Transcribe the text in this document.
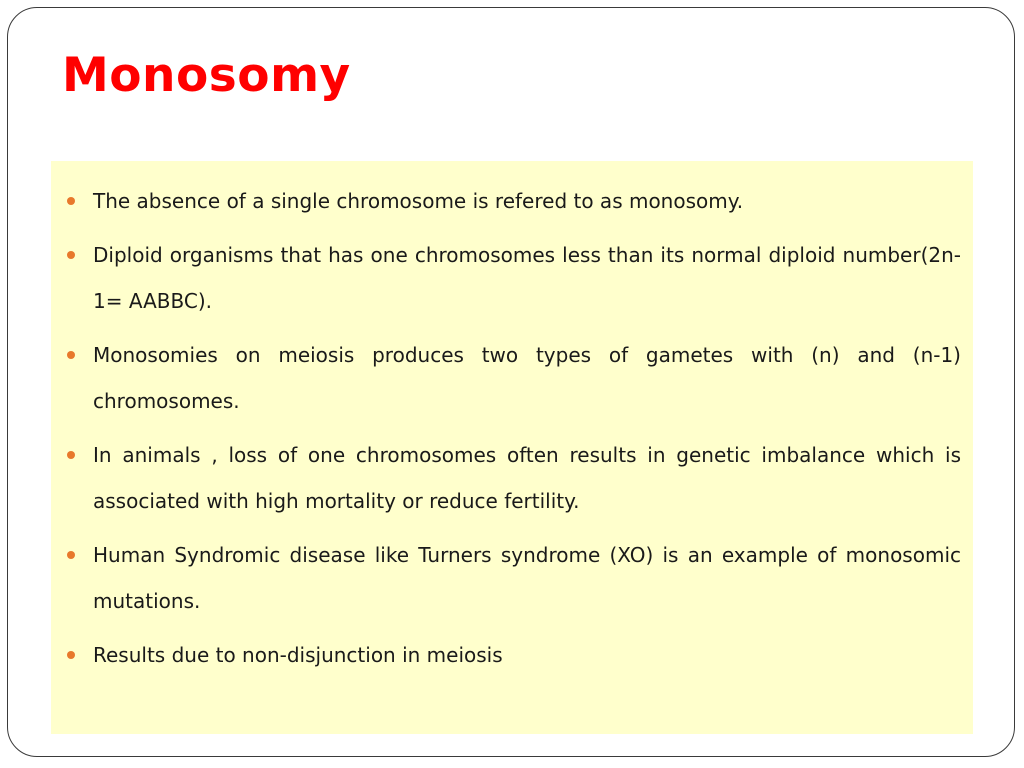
Monosomy
The absence of a single chromosome is refered to as monosomy.
Diploid organisms that has one chromosomes less than its normal diploid number(2n-1= AABBC).
Monosomies on meiosis produces two types of gametes with (n) and (n-1) chromosomes.
In animals , loss of one chromosomes often results in genetic imbalance which is associated with high mortality or reduce fertility.
Human Syndromic disease like Turners syndrome (XO) is an example of monosomic mutations.
Results due to non-disjunction in meiosis
